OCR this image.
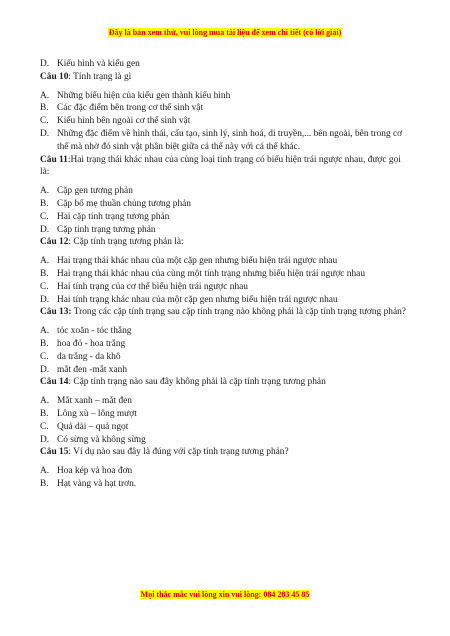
Đây là bản xem thử, vui lòng mua tài liệu để xem chi tiết (có lời giải)
D. Kiểu hình và kiểu gen
Câu 10: Tính trạng là gì
A. Những biểu hiện của kiểu gen thành kiểu hình
B. Các đặc điểm bên trong cơ thể sinh vật
C. Kiểu hình bên ngoài cơ thể sinh vật
D. Những đặc điểm về hình thái, cấu tạo, sinh lý, sinh hoá, di truyền,... bên ngoài, bên trong cơ thể mà nhờ đó sinh vật phân biệt giữa cá thể này với cá thể khác.
Câu 11:Hai trạng thái khác nhau của cùng loại tính trạng có biểu hiện trái ngược nhau, được gọi là:
A. Cặp gen tương phản
B. Cặp bố mẹ thuần chủng tương phản
C. Hai cặp tính trạng tương phản
D. Cặp tính trạng tương phản
Câu 12: Cặp tính trạng tương phản là:
A. Hai trạng thái khác nhau của một cặp gen nhưng biểu hiện trái ngược nhau
B. Hai trạng thái khác nhau của cùng một tính trạng nhưng biểu hiện trái ngược nhau
C. Hai tính trạng của cơ thể biểu hiện trái ngược nhau
D. Hai tính trạng khác nhau của một cặp gen nhưng biểu hiện trái ngược nhau
Câu 13: Trong các cặp tính trạng sau cặp tính trạng nào không phải là cặp tính trạng tương phản?
A. tóc xoăn - tóc thẳng
B. hoa đỏ - hoa trắng
C. da trắng - da khô
D. mắt đen -mắt xanh
Câu 14: Cặp tính trạng nào sau đây không phải là cặp tính trạng tương phản
A. Mắt xanh – mắt đen
B. Lông xù – lông mượt
C. Quả dài – quả ngọt
D. Có sừng và không sừng
Câu 15: Ví dụ nào sau đây là đúng với cặp tính trạng tương phản?
A. Hoa kép và hoa đơn
B. Hạt vàng và hạt trơn.
Mọi thắc mắc vui lòng xin vui lòng: 084 283 45 85
